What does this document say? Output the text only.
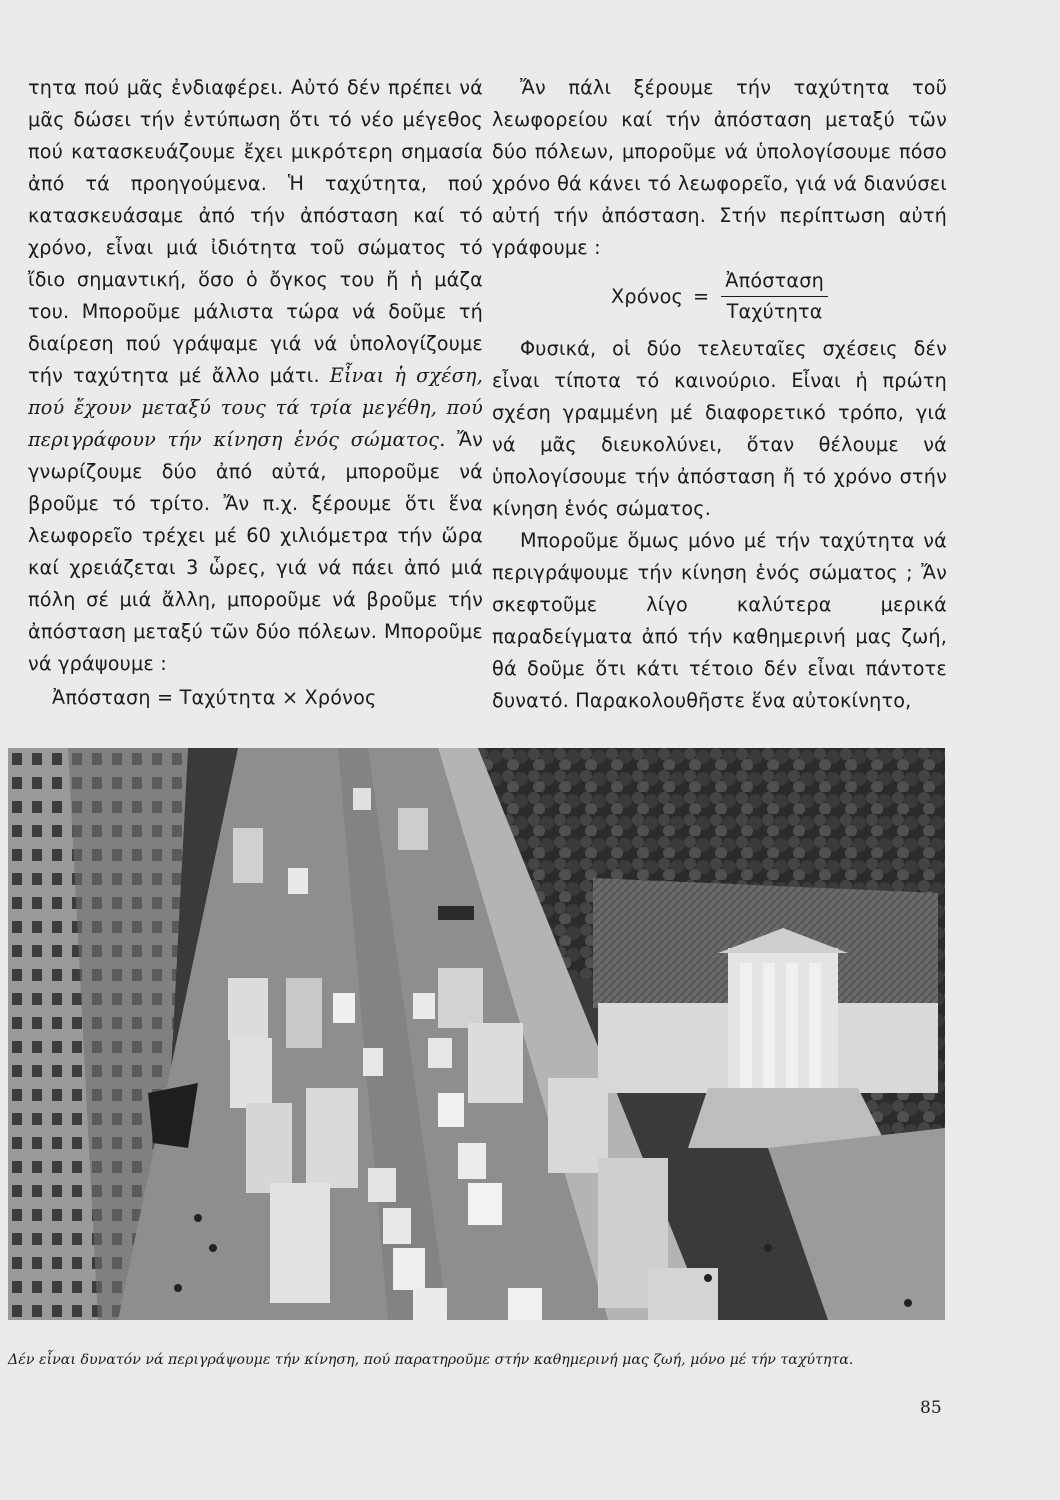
τητα πού μᾶς ἐνδιαφέρει. Αὐτό δέν πρέπει νά μᾶς δώσει τήν ἐντύπωση ὅτι τό νέο μέγεθος πού κατασκευάζουμε ἔχει μικρότερη σημασία ἀπό τά προηγούμενα. Ἡ ταχύτητα, πού κατασκευάσαμε ἀπό τήν ἀπόσταση καί τό χρόνο, εἶναι μιά ἰδιότητα τοῦ σώματος τό ἴδιο σημαντική, ὅσο ὁ ὄγκος του ἤ ἡ μάζα του. Μποροῦμε μάλιστα τώρα νά δοῦμε τή διαίρεση πού γράψαμε γιά νά ὑπολογίζουμε τήν ταχύτητα μέ ἄλλο μάτι. Εἶναι ἡ σχέση, πού ἔχουν μεταξύ τους τά τρία μεγέθη, πού περιγράφουν τήν κίνηση ἑνός σώματος. Ἄν γνωρίζουμε δύο ἀπό αὐτά, μποροῦμε νά βροῦμε τό τρίτο. Ἄν π.χ. ξέρουμε ὅτι ἕνα λεωφορεῖο τρέχει μέ 60 χιλιόμετρα τήν ὥρα καί χρειάζεται 3 ὧρες, γιά νά πάει ἀπό μιά πόλη σέ μιά ἄλλη, μποροῦμε νά βροῦμε τήν ἀπόσταση μεταξύ τῶν δύο πόλεων. Μποροῦμε νά γράψουμε :

Ἀπόσταση = Ταχύτητα × Χρόνος

Ἄν πάλι ξέρουμε τήν ταχύτητα τοῦ λεωφορείου καί τήν ἀπόσταση μεταξύ τῶν δύο πόλεων, μποροῦμε νά ὑπολογίσουμε πόσο χρόνο θά κάνει τό λεωφορεῖο, γιά νά διανύσει αὐτή τήν ἀπόσταση. Στήν περίπτωση αὐτή γράφουμε :

$X\rho ό\nu o\varsigma = \frac{\text{Ἀπόσταση}}{\text{Ταχύτητα}}$

Φυσικά, οἱ δύο τελευταῖες σχέσεις δέν εἶναι τίποτα τό καινούριο. Εἶναι ἡ πρώτη σχέση γραμμένη μέ διαφορετικό τρόπο, γιά νά μᾶς διευκολύνει, ὅταν θέλουμε νά ὑπολογίσουμε τήν ἀπόσταση ἤ τό χρόνο στήν κίνηση ἑνός σώματος.

Μποροῦμε ὅμως μόνο μέ τήν ταχύτητα νά περιγράψουμε τήν κίνηση ἑνός σώματος ; Ἄν σκεφτοῦμε λίγο καλύτερα μερικά παραδείγματα ἀπό τήν καθημερινή μας ζωή, θά δοῦμε ὅτι κάτι τέτοιο δέν εἶναι πάντοτε δυνατό. Παρακολουθῆστε ἕνα αὐτοκίνητο,

Δέν εἶναι δυνατόν νά περιγράψουμε τήν κίνηση, πού παρατηροῦμε στήν καθημερινή μας ζωή, μόνο μέ τήν ταχύτητα.
85
